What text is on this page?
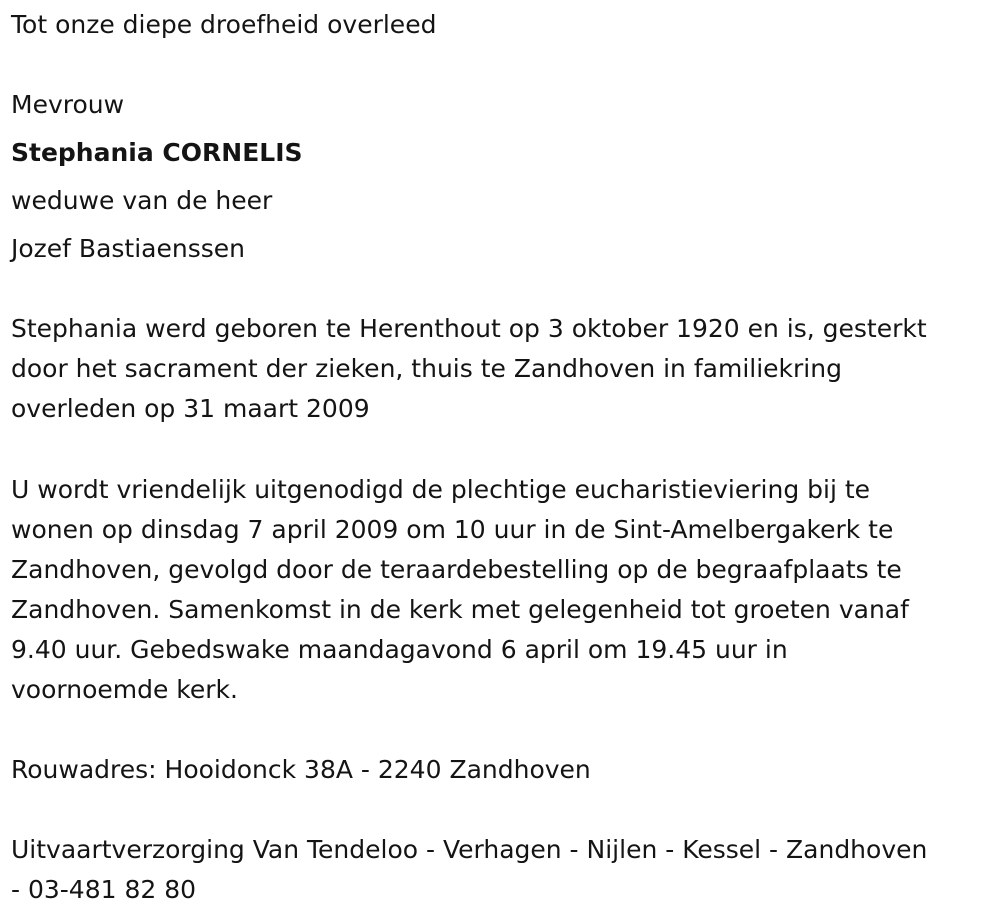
Tot onze diepe droefheid overleed
Mevrouw
Stephania CORNELIS
weduwe van de heer
Jozef Bastiaenssen
Stephania werd geboren te Herenthout op 3 oktober 1920 en is, gesterkt
door het sacrament der zieken, thuis te Zandhoven in familiekring
overleden op 31 maart 2009
U wordt vriendelijk uitgenodigd de plechtige eucharistieviering bij te
wonen op dinsdag 7 april 2009 om 10 uur in de Sint-Amelbergakerk te
Zandhoven, gevolgd door de teraardebestelling op de begraafplaats te
Zandhoven. Samenkomst in de kerk met gelegenheid tot groeten vanaf
9.40 uur. Gebedswake maandagavond 6 april om 19.45 uur in
voornoemde kerk.
Rouwadres: Hooidonck 38A - 2240 Zandhoven
Uitvaartverzorging Van Tendeloo - Verhagen - Nijlen - Kessel - Zandhoven
- 03-481 82 80
